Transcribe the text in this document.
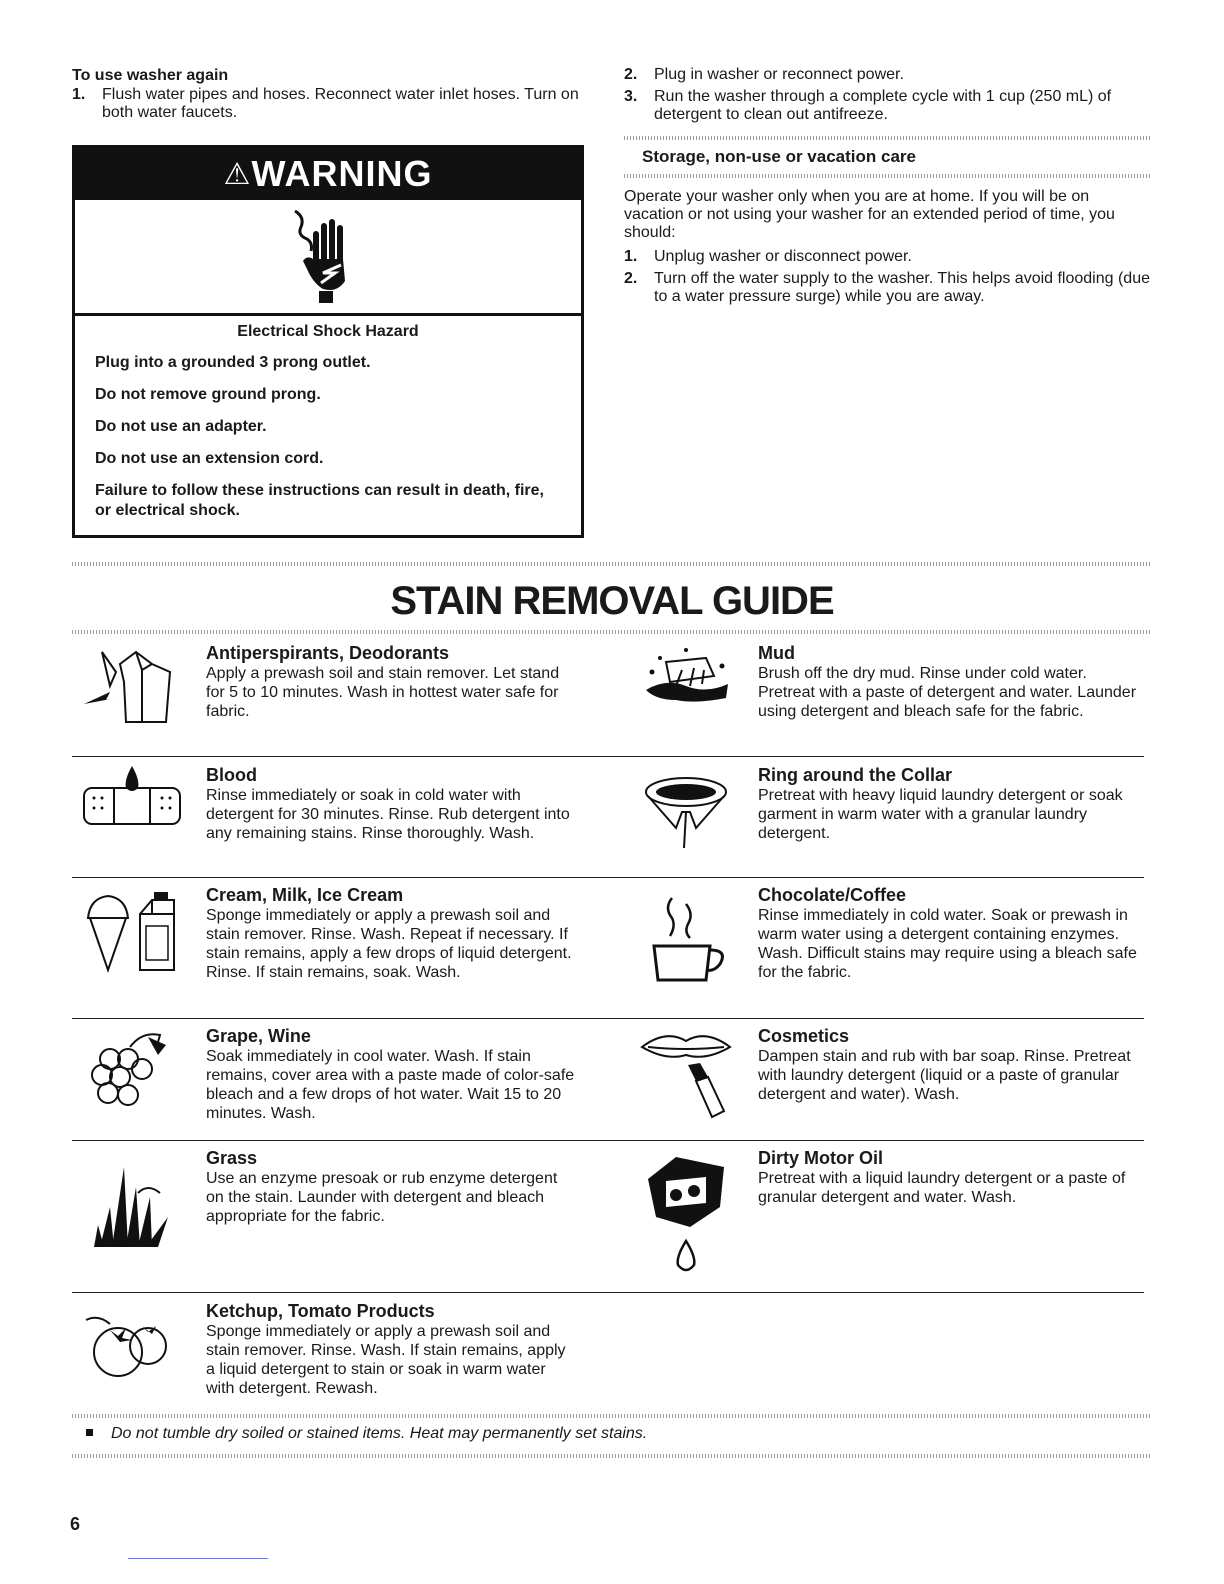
To use washer again
1. Flush water pipes and hoses. Reconnect water inlet hoses. Turn on both water faucets.
⚠WARNING

Electrical Shock Hazard

Plug into a grounded 3 prong outlet.

Do not remove ground prong.

Do not use an adapter.

Do not use an extension cord.

Failure to follow these instructions can result in death, fire, or electrical shock.

2. Plug in washer or reconnect power.
3. Run the washer through a complete cycle with 1 cup (250 mL) of detergent to clean out antifreeze.
Storage, non-use or vacation care

Operate your washer only when you are at home. If you will be on vacation or not using your washer for an extended period of time, you should:

1. Unplug washer or disconnect power.
2. Turn off the water supply to the washer. This helps avoid flooding (due to a water pressure surge) while you are away.
STAIN REMOVAL GUIDE
Antiperspirants, Deodorants
Apply a prewash soil and stain remover. Let stand for 5 to 10 minutes. Wash in hottest water safe for fabric.
Mud
Brush off the dry mud. Rinse under cold water. Pretreat with a paste of detergent and water. Launder using detergent and bleach safe for the fabric.
Blood
Rinse immediately or soak in cold water with detergent for 30 minutes. Rinse. Rub detergent into any remaining stains. Rinse thoroughly. Wash.
Ring around the Collar
Pretreat with heavy liquid laundry detergent or soak garment in warm water with a granular laundry detergent.
Cream, Milk, Ice Cream
Sponge immediately or apply a prewash soil and stain remover. Rinse. Wash. Repeat if necessary. If stain remains, apply a few drops of liquid detergent. Rinse. If stain remains, soak. Wash.
Chocolate/Coffee
Rinse immediately in cold water. Soak or prewash in warm water using a detergent containing enzymes. Wash. Difficult stains may require using a bleach safe for the fabric.
Grape, Wine
Soak immediately in cool water. Wash. If stain remains, cover area with a paste made of color-safe bleach and a few drops of hot water. Wait 15 to 20 minutes. Wash.
Cosmetics
Dampen stain and rub with bar soap. Rinse. Pretreat with laundry detergent (liquid or a paste of granular detergent and water). Wash.
Grass
Use an enzyme presoak or rub enzyme detergent on the stain. Launder with detergent and bleach appropriate for the fabric.
Dirty Motor Oil
Pretreat with a liquid laundry detergent or a paste of granular detergent and water. Wash.
Ketchup, Tomato Products
Sponge immediately or apply a prewash soil and stain remover. Rinse. Wash. If stain remains, apply a liquid detergent to stain or soak in warm water with detergent. Rewash.
Do not tumble dry soiled or stained items. Heat may permanently set stains.
6
